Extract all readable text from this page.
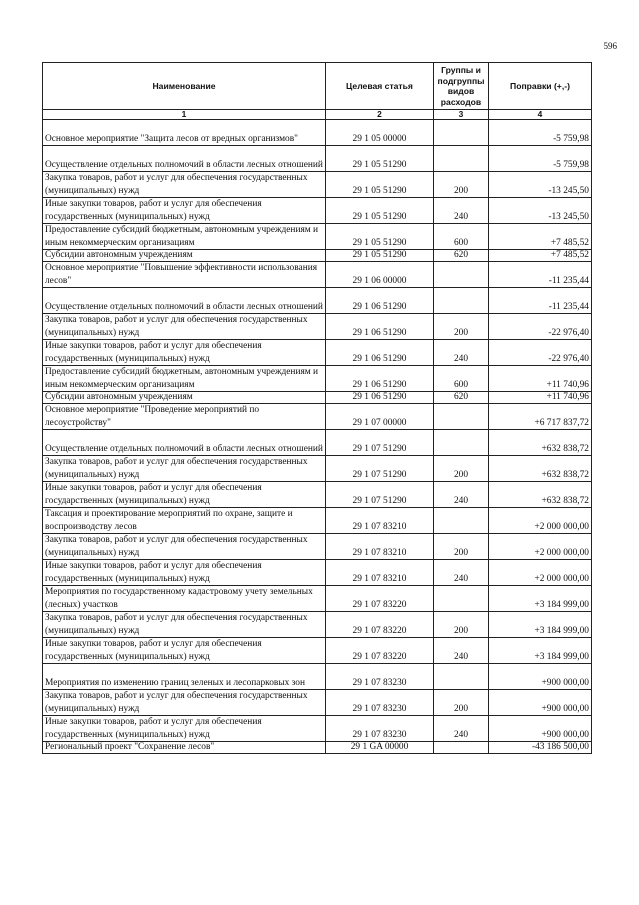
596
Наименование	Целевая статья	Группы и подгруппы видов расходов	Поправки (+,-)
1	2	3	4
Основное мероприятие "Защита лесов от вредных организмов"	29 1 05 00000		-5 759,98
Осуществление отдельных полномочий в области лесных отношений	29 1 05 51290		-5 759,98
Закупка товаров, работ и услуг для обеспечения государственных (муниципальных) нужд	29 1 05 51290	200	-13 245,50
Иные закупки товаров, работ и услуг для обеспечения государственных (муниципальных) нужд	29 1 05 51290	240	-13 245,50
Предоставление субсидий бюджетным, автономным учреждениям и иным некоммерческим организациям	29 1 05 51290	600	+7 485,52
Субсидии автономным учреждениям	29 1 05 51290	620	+7 485,52
Основное мероприятие "Повышение эффективности использования лесов"	29 1 06 00000		-11 235,44
Осуществление отдельных полномочий в области лесных отношений	29 1 06 51290		-11 235,44
Закупка товаров, работ и услуг для обеспечения государственных (муниципальных) нужд	29 1 06 51290	200	-22 976,40
Иные закупки товаров, работ и услуг для обеспечения государственных (муниципальных) нужд	29 1 06 51290	240	-22 976,40
Предоставление субсидий бюджетным, автономным учреждениям и иным некоммерческим организациям	29 1 06 51290	600	+11 740,96
Субсидии автономным учреждениям	29 1 06 51290	620	+11 740,96
Основное мероприятие "Проведение мероприятий по лесоустройству"	29 1 07 00000		+6 717 837,72
Осуществление отдельных полномочий в области лесных отношений	29 1 07 51290		+632 838,72
Закупка товаров, работ и услуг для обеспечения государственных (муниципальных) нужд	29 1 07 51290	200	+632 838,72
Иные закупки товаров, работ и услуг для обеспечения государственных (муниципальных) нужд	29 1 07 51290	240	+632 838,72
Таксация и проектирование мероприятий по охране, защите и воспроизводству лесов	29 1 07 83210		+2 000 000,00
Закупка товаров, работ и услуг для обеспечения государственных (муниципальных) нужд	29 1 07 83210	200	+2 000 000,00
Иные закупки товаров, работ и услуг для обеспечения государственных (муниципальных) нужд	29 1 07 83210	240	+2 000 000,00
Мероприятия по государственному кадастровому учету земельных (лесных) участков	29 1 07 83220		+3 184 999,00
Закупка товаров, работ и услуг для обеспечения государственных (муниципальных) нужд	29 1 07 83220	200	+3 184 999,00
Иные закупки товаров, работ и услуг для обеспечения государственных (муниципальных) нужд	29 1 07 83220	240	+3 184 999,00
Мероприятия по изменению границ зеленых и лесопарковых зон	29 1 07 83230		+900 000,00
Закупка товаров, работ и услуг для обеспечения государственных (муниципальных) нужд	29 1 07 83230	200	+900 000,00
Иные закупки товаров, работ и услуг для обеспечения государственных (муниципальных) нужд	29 1 07 83230	240	+900 000,00
Региональный проект "Сохранение лесов"	29 1 GA 00000		-43 186 500,00
